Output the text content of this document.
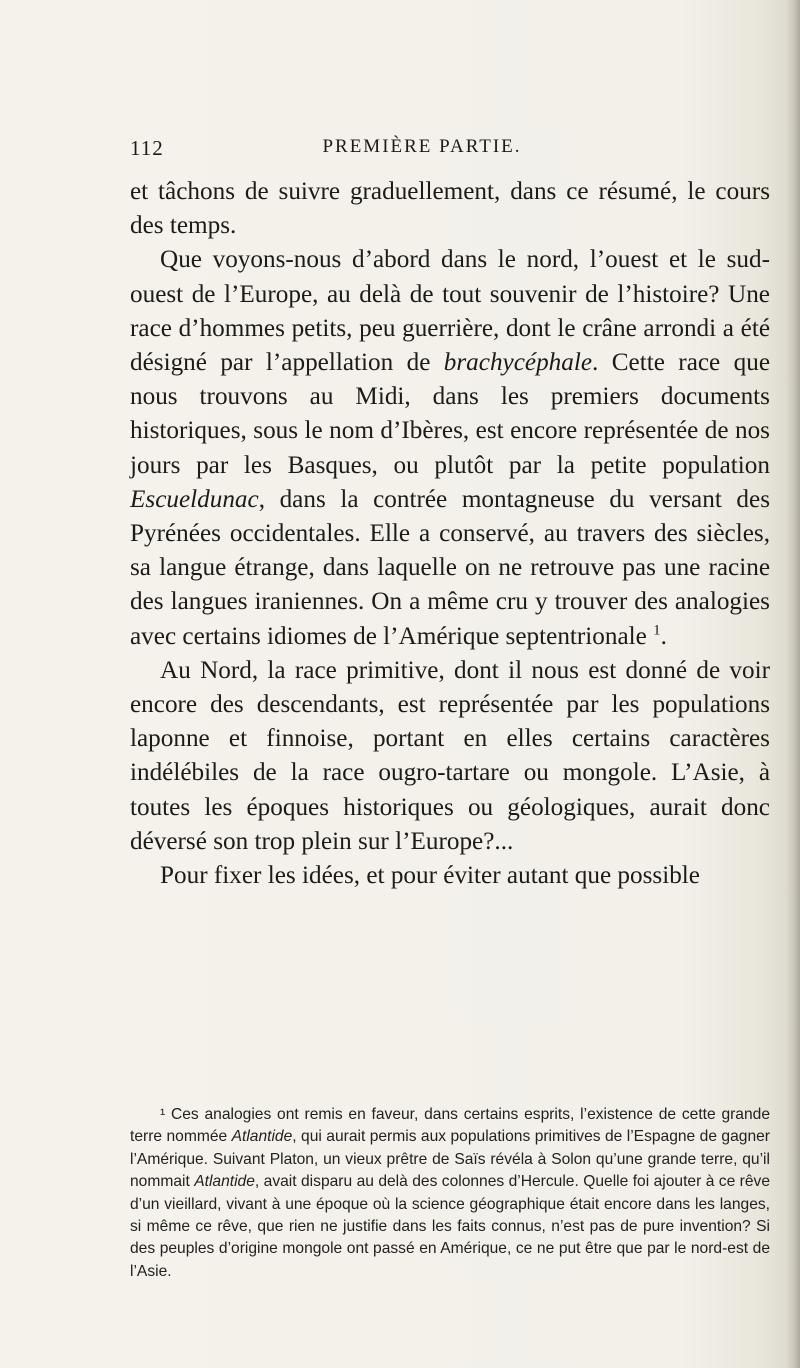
112	PREMIÈRE PARTIE.

et tâchons de suivre graduellement, dans ce résumé, le cours des temps.

Que voyons-nous d’abord dans le nord, l’ouest et le sud-ouest de l’Europe, au delà de tout souvenir de l’histoire? Une race d’hommes petits, peu guerrière, dont le crâne arrondi a été désigné par l’appellation de brachycéphale. Cette race que nous trouvons au Midi, dans les premiers documents historiques, sous le nom d’Ibères, est encore représentée de nos jours par les Basques, ou plutôt par la petite population Escueldunac, dans la contrée montagneuse du versant des Pyrénées occidentales. Elle a conservé, au travers des siècles, sa langue étrange, dans laquelle on ne retrouve pas une racine des langues iraniennes. On a même cru y trouver des analogies avec certains idiomes de l’Amérique septentrionale $^1$.

Au Nord, la race primitive, dont il nous est donné de voir encore des descendants, est représentée par les populations laponne et finnoise, portant en elles certains caractères indélébiles de la race ougro-tartare ou mongole. L’Asie, à toutes les époques historiques ou géologiques, aurait donc déversé son trop plein sur l’Europe?...

Pour fixer les idées, et pour éviter autant que possible

¹ Ces analogies ont remis en faveur, dans certains esprits, l’existence de cette grande terre nommée Atlantide, qui aurait permis aux populations primitives de l’Espagne de gagner l’Amérique. Suivant Platon, un vieux prêtre de Saïs révéla à Solon qu’une grande terre, qu’il nommait Atlantide, avait disparu au delà des colonnes d’Hercule. Quelle foi ajouter à ce rêve d’un vieillard, vivant à une époque où la science géographique était encore dans les langes, si même ce rêve, que rien ne justifie dans les faits connus, n’est pas de pure invention? Si des peuples d’origine mongole ont passé en Amérique, ce ne put être que par le nord-est de l’Asie.
